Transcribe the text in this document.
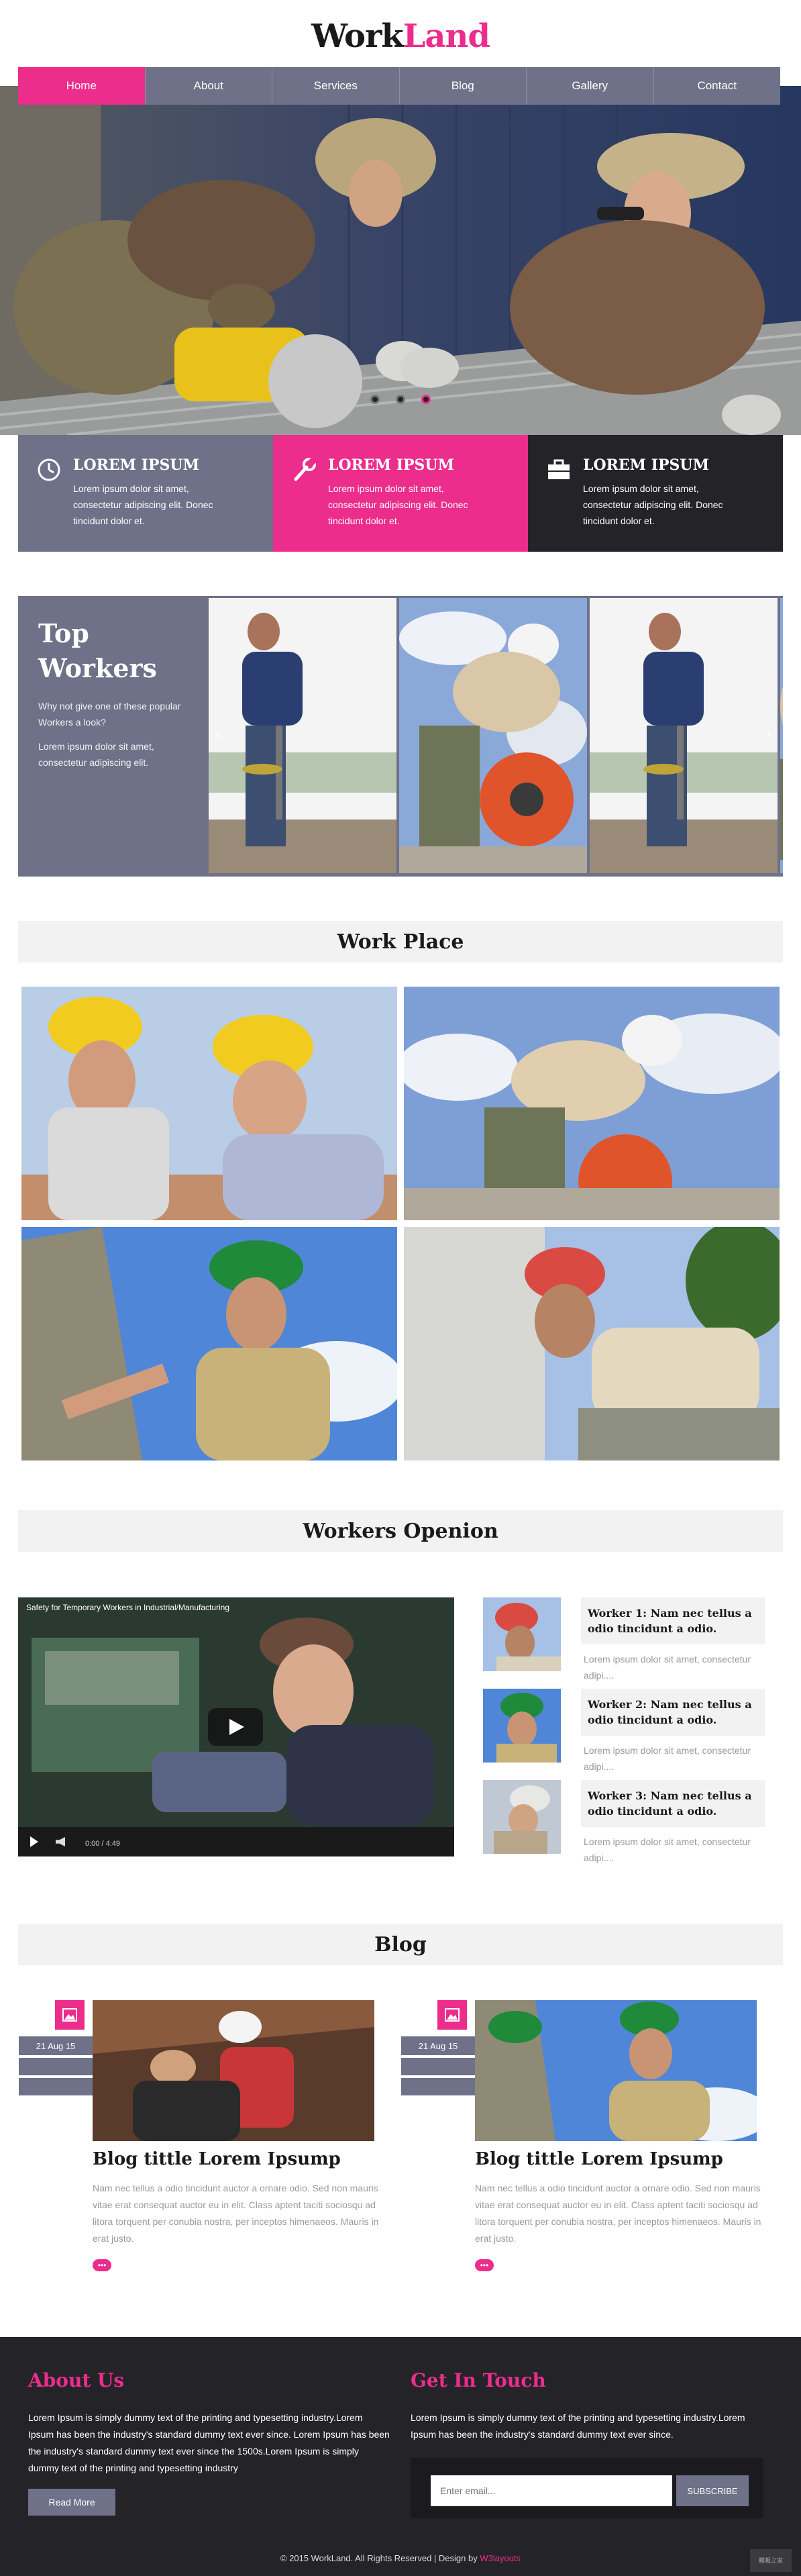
WorkLand
Home	About	Services	Blog	Gallery	Contact
LOREM IPSUM

Lorem ipsum dolor sit amet, consectetur adipiscing elit. Donec tincidunt dolor et.

LOREM IPSUM

Lorem ipsum dolor sit amet, consectetur adipiscing elit. Donec tincidunt dolor et.

LOREM IPSUM

Lorem ipsum dolor sit amet, consectetur adipiscing elit. Donec tincidunt dolor et.

Top
Workers

Why not give one of these popular Workers a look?

Lorem ipsum dolor sit amet, consectetur adipiscing elit.

‹	›
Work Place
Workers Openion
Safety for Temporary Workers in Industrial/Manufacturing
0:00 / 4:49
Worker 1: Nam nec tellus a odio tincidunt a odio.
Lorem ipsum dolor sit amet, consectetur adipi....
Worker 2: Nam nec tellus a odio tincidunt a odio.
Lorem ipsum dolor sit amet, consectetur adipi....
Worker 3: Nam nec tellus a odio tincidunt a odio.
Lorem ipsum dolor sit amet, consectetur adipi....
Blog
21 Aug 15
Blog tittle Lorem Ipsump

Nam nec tellus a odio tincidunt auctor a ornare odio. Sed non mauris vitae erat consequat auctor eu in elit. Class aptent taciti sociosqu ad litora torquent per conubia nostra, per inceptos himenaeos. Mauris in erat justo.

•••
21 Aug 15
Blog tittle Lorem Ipsump

Nam nec tellus a odio tincidunt auctor a ornare odio. Sed non mauris vitae erat consequat auctor eu in elit. Class aptent taciti sociosqu ad litora torquent per conubia nostra, per inceptos himenaeos. Mauris in erat justo.

•••
About Us

Lorem Ipsum is simply dummy text of the printing and typesetting industry.Lorem Ipsum has been the industry's standard dummy text ever since. Lorem Ipsum has been the industry's standard dummy text ever since the 1500s.Lorem Ipsum is simply dummy text of the printing and typesetting industry

Read More
Get In Touch

Lorem Ipsum is simply dummy text of the printing and typesetting industry.Lorem Ipsum has been the industry's standard dummy text ever since.

Enter email...
SUBSCRIBE
© 2015 WorkLand. All Rights Reserved | Design by W3layouts	模板之家
